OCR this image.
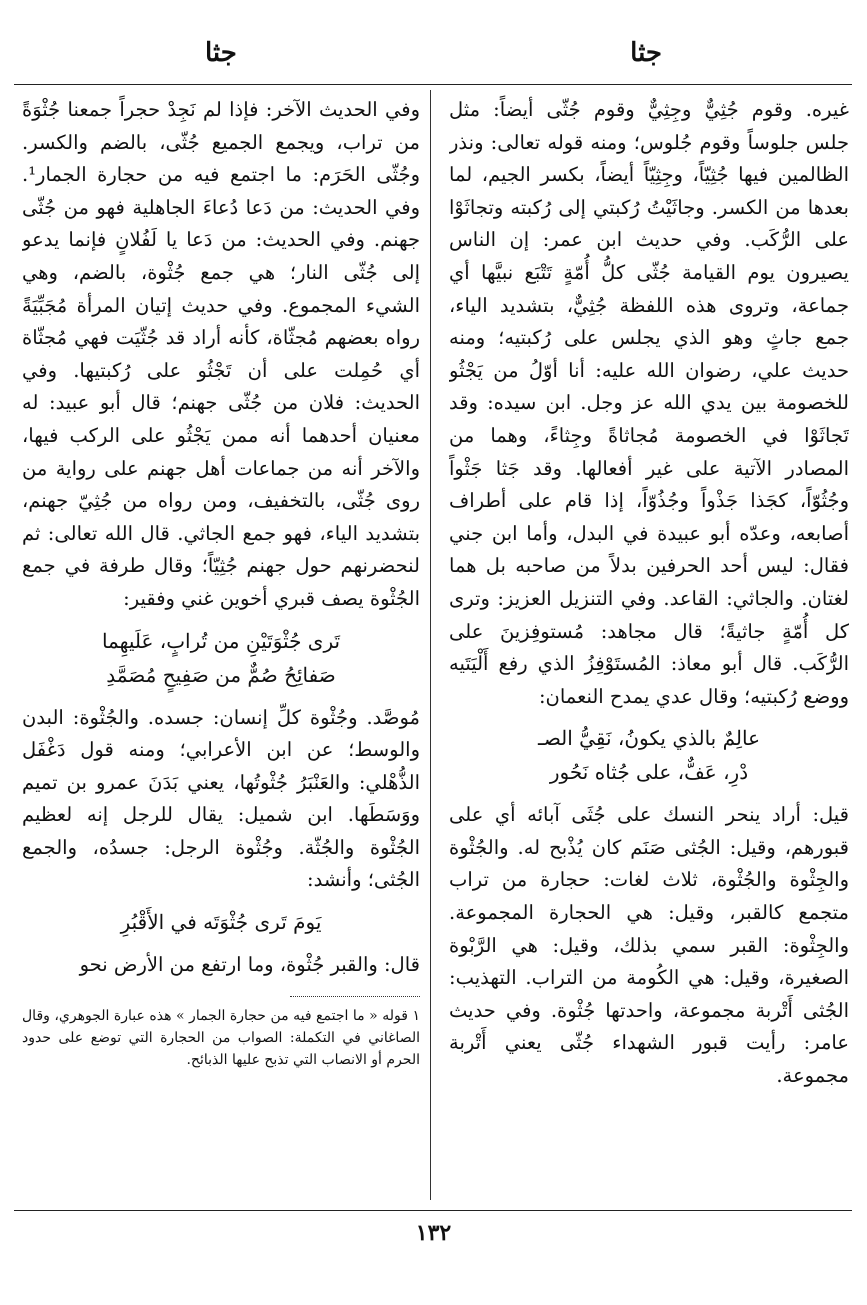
جثا
جثا

غيره. وقوم جُثِيٌّ وجِثِيٌّ وقوم جُثّى أيضاً: مثل جلس جلوساً وقوم جُلوس؛ ومنه قوله تعالى: ونذر الظالمين فيها جُثِيّاً، وجِثِيّاً أيضاً، بكسر الجيم، لما بعدها من الكسر. وجاثَيْتُ رُكبتي إلى رُكبته وتجاثَوْا على الرُّكَب. وفي حديث ابن عمر: إن الناس يصيرون يوم القيامة جُثّى كلُّ أُمّةٍ تَتْبَع نبيَّها أي جماعة، وتروى هذه اللفظة جُثِيٌّ، بتشديد الياء، جمع جاثٍ وهو الذي يجلس على رُكبتيه؛ ومنه حديث علي، رضوان الله عليه: أنا أوّلُ من يَجْثُو للخصومة بين يدي الله عز وجل. ابن سيده: وقد تَجاثَوْا في الخصومة مُجاثاةً وجِثاءً، وهما من المصادر الآتية على غير أفعالها. وقد جَثا جَثْواً وجُثُوّاً، كجَذا جَذْواً وجُذُوّاً، إذا قام على أطراف أصابعه، وعدّه أبو عبيدة في البدل، وأما ابن جني فقال: ليس أحد الحرفين بدلاً من صاحبه بل هما لغتان. والجاثي: القاعد. وفي التنزيل العزيز: وترى كل أُمّةٍ جاثيةً؛ قال مجاهد: مُستوفِزينَ على الرُّكَب. قال أبو معاذ: المُستَوْفِزُ الذي رفع أَلْيَتَيه ووضع رُكبتيه؛ وقال عدي يمدح النعمان:

عالِمٌ بالذي يكونُ، نَقِيُّ الصـ
دْرِ، عَفٌّ، على جُثاه نَحُور

قيل: أراد ينحر النسك على جُثَى آبائه أي على قبورهم، وقيل: الجُثى صَنَم كان يُذْبح له. والجُثْوة والجِثْوة والجُثْوة، ثلاث لغات: حجارة من تراب متجمع كالقبر، وقيل: هي الحجارة المجموعة. والجِثْوة: القبر سمي بذلك، وقيل: هي الرَّبْوة الصغيرة، وقيل: هي الكُومة من التراب. التهذيب: الجُثى أَتْربة مجموعة، واحدتها جُثْوة. وفي حديث عامر: رأيت قبور الشهداء جُثّى يعني أَتْربة مجموعة.

وفي الحديث الآخر: فإذا لم نَجِدْ حجراً جمعنا جُثْوَةً من تراب، ويجمع الجميع جُثّى، بالضم والكسر. وجُثّى الحَرَم: ما اجتمع فيه من حجارة الجمار¹. وفي الحديث: من دَعا دُعاءَ الجاهلية فهو من جُثّى جهنم. وفي الحديث: من دَعا يا لَفُلانٍ فإنما يدعو إلى جُثّى النار؛ هي جمع جُثْوة، بالضم، وهي الشيء المجموع. وفي حديث إتيان المرأة مُجَبِّيَةً رواه بعضهم مُجثّاة، كأنه أراد قد جُثّيَت فهي مُجثّاة أي حُمِلت على أن تَجْثُو على رُكبتيها. وفي الحديث: فلان من جُثّى جهنم؛ قال أبو عبيد: له معنيان أحدهما أنه ممن يَجْثُو على الركب فيها، والآخر أنه من جماعات أهل جهنم على رواية من روى جُثّى، بالتخفيف، ومن رواه من جُثِيّ جهنم، بتشديد الياء، فهو جمع الجاثي. قال الله تعالى: ثم لنحضرنهم حول جهنم جُثِيّاً؛ وقال طرفة في جمع الجُثْوة يصف قبري أخوين غني وفقير:

تَرى جُثْوَتَيْنِ من تُرابٍ، عَلَيهِما
صَفائِحُ صُمٌّ من صَفِيحٍ مُصَمَّدِ

مُوصَّد. وجُثْوة كلِّ إنسان: جسده. والجُثْوة: البدن والوسط؛ عن ابن الأعرابي؛ ومنه قول دَغْفَل الذُّهْلي: والعَنْبَرُ جُثْوتُها، يعني بَدَنَ عمرو بن تميم ووَسَطَها. ابن شميل: يقال للرجل إنه لعظيم الجُثْوة والجُثّة. وجُثْوة الرجل: جسدُه، والجمع الجُثى؛ وأنشد:

يَومَ تَرى جُثْوَتَه في الأَقْبُرِ

قال: والقبر جُثْوة، وما ارتفع من الأرض نحو

١ قوله « ما اجتمع فيه من حجارة الجمار » هذه عبارة الجوهري، وقال الصاغاني في التكملة: الصواب من الحجارة التي توضع على حدود الحرم أو الانصاب التي تذبح عليها الذبائح.
١٣٢
